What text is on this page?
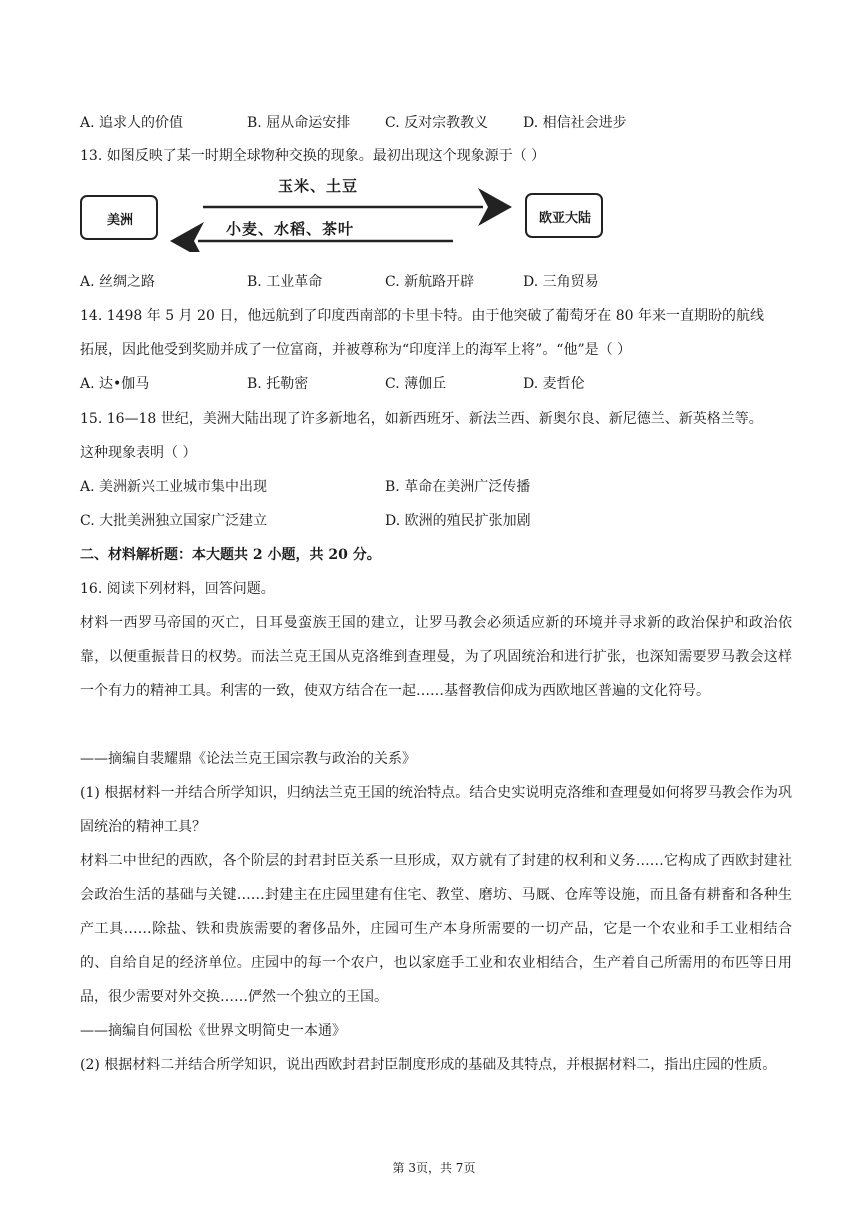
A. 追求人的价值	B. 屈从命运安排 C. 反对宗教教义 D. 相信社会进步
13. 如图反映了某一时期全球物种交换的现象。最初出现这个现象源于（ ）
美洲	欧亚大陆
玉米、土豆
小麦、水稻、茶叶
A. 丝绸之路	B. 工业革命	C. 新航路开辟	D. 三角贸易
14. 1498 年 5 月 20 日，他远航到了印度西南部的卡里卡特。由于他突破了葡萄牙在 80 年来一直期盼的航线
拓展，因此他受到奖励并成了一位富商，并被尊称为“印度洋上的海军上将”。“他”是（ ）
A. 达•伽马	B. 托勒密	C. 薄伽丘	D. 麦哲伦
15. 16—18 世纪，美洲大陆出现了许多新地名，如新西班牙、新法兰西、新奥尔良、新尼德兰、新英格兰等。
这种现象表明（ ）
A. 美洲新兴工业城市集中出现	B. 革命在美洲广泛传播
C. 大批美洲独立国家广泛建立	D. 欧洲的殖民扩张加剧
二、材料解析题：本大题共 2 小题，共 20 分。
16. 阅读下列材料，回答问题。
材料一西罗马帝国的灭亡，日耳曼蛮族王国的建立，让罗马教会必须适应新的环境并寻求新的政治保护和政治依靠，以便重振昔日的权势。而法兰克王国从克洛维到查理曼，为了巩固统治和进行扩张，也深知需要罗马教会这样一个有力的精神工具。利害的一致，使双方结合在一起……基督教信仰成为西欧地区普遍的文化符号。
——摘编自裴耀鼎《论法兰克王国宗教与政治的关系》
(1) 根据材料一并结合所学知识，归纳法兰克王国的统治特点。结合史实说明克洛维和查理曼如何将罗马教会作为巩固统治的精神工具？
材料二中世纪的西欧，各个阶层的封君封臣关系一旦形成，双方就有了封建的权利和义务……它构成了西欧封建社会政治生活的基础与关键……封建主在庄园里建有住宅、教堂、磨坊、马厩、仓库等设施，而且备有耕畜和各种生产工具……除盐、铁和贵族需要的奢侈品外，庄园可生产本身所需要的一切产品，它是一个农业和手工业相结合的、自给自足的经济单位。庄园中的每一个农户，也以家庭手工业和农业相结合，生产着自己所需用的布匹等日用品，很少需要对外交换……俨然一个独立的王国。
——摘编自何国松《世界文明简史一本通》
(2) 根据材料二并结合所学知识，说出西欧封君封臣制度形成的基础及其特点，并根据材料二，指出庄园的性质。
第 3页，共 7页
